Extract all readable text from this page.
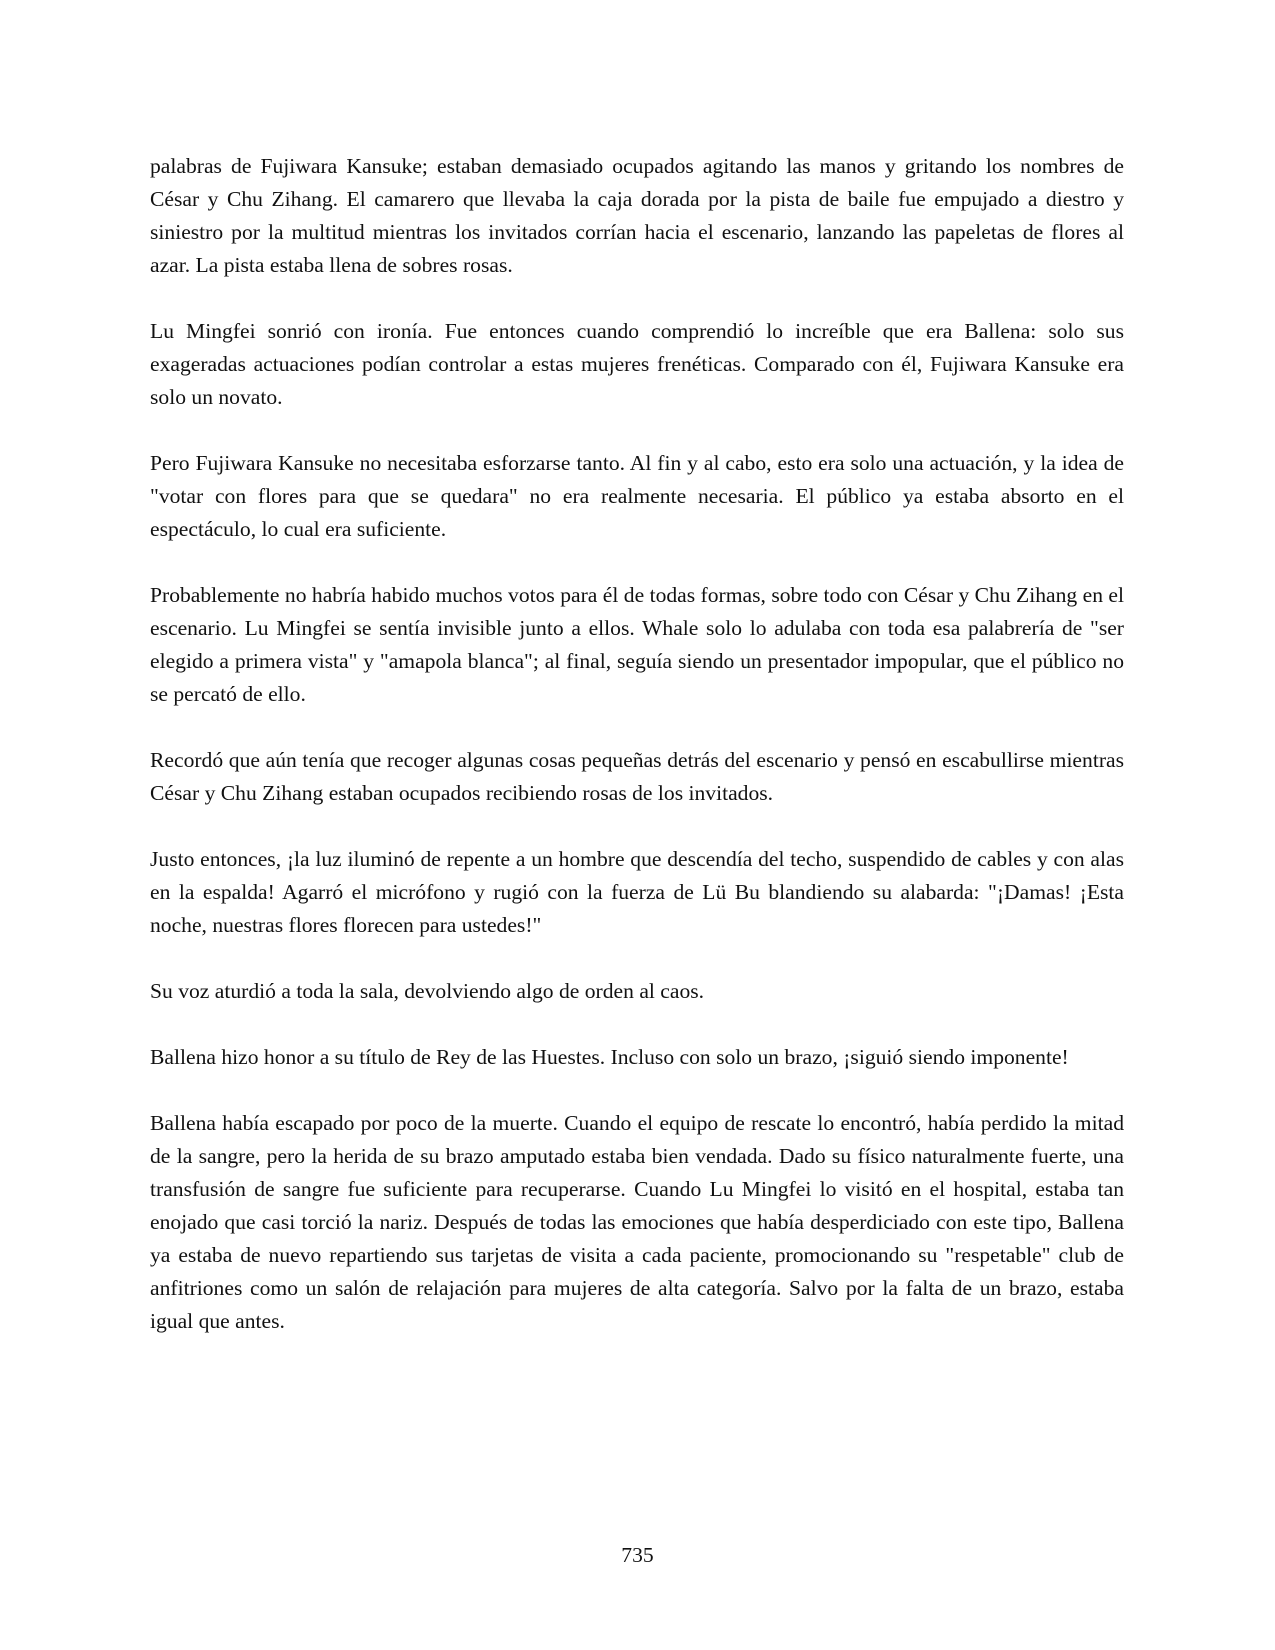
palabras de Fujiwara Kansuke; estaban demasiado ocupados agitando las manos y gritando los nombres de César y Chu Zihang. El camarero que llevaba la caja dorada por la pista de baile fue empujado a diestro y siniestro por la multitud mientras los invitados corrían hacia el escenario, lanzando las papeletas de flores al azar. La pista estaba llena de sobres rosas.

Lu Mingfei sonrió con ironía. Fue entonces cuando comprendió lo increíble que era Ballena: solo sus exageradas actuaciones podían controlar a estas mujeres frenéticas. Comparado con él, Fujiwara Kansuke era solo un novato.

Pero Fujiwara Kansuke no necesitaba esforzarse tanto. Al fin y al cabo, esto era solo una actuación, y la idea de "votar con flores para que se quedara" no era realmente necesaria. El público ya estaba absorto en el espectáculo, lo cual era suficiente.

Probablemente no habría habido muchos votos para él de todas formas, sobre todo con César y Chu Zihang en el escenario. Lu Mingfei se sentía invisible junto a ellos. Whale solo lo adulaba con toda esa palabrería de "ser elegido a primera vista" y "amapola blanca"; al final, seguía siendo un presentador impopular, que el público no se percató de ello.

Recordó que aún tenía que recoger algunas cosas pequeñas detrás del escenario y pensó en escabullirse mientras César y Chu Zihang estaban ocupados recibiendo rosas de los invitados.

Justo entonces, ¡la luz iluminó de repente a un hombre que descendía del techo, suspendido de cables y con alas en la espalda! Agarró el micrófono y rugió con la fuerza de Lü Bu blandiendo su alabarda: "¡Damas! ¡Esta noche, nuestras flores florecen para ustedes!"

Su voz aturdió a toda la sala, devolviendo algo de orden al caos.

Ballena hizo honor a su título de Rey de las Huestes. Incluso con solo un brazo, ¡siguió siendo imponente!

Ballena había escapado por poco de la muerte. Cuando el equipo de rescate lo encontró, había perdido la mitad de la sangre, pero la herida de su brazo amputado estaba bien vendada. Dado su físico naturalmente fuerte, una transfusión de sangre fue suficiente para recuperarse. Cuando Lu Mingfei lo visitó en el hospital, estaba tan enojado que casi torció la nariz. Después de todas las emociones que había desperdiciado con este tipo, Ballena ya estaba de nuevo repartiendo sus tarjetas de visita a cada paciente, promocionando su "respetable" club de anfitriones como un salón de relajación para mujeres de alta categoría. Salvo por la falta de un brazo, estaba igual que antes.

735
